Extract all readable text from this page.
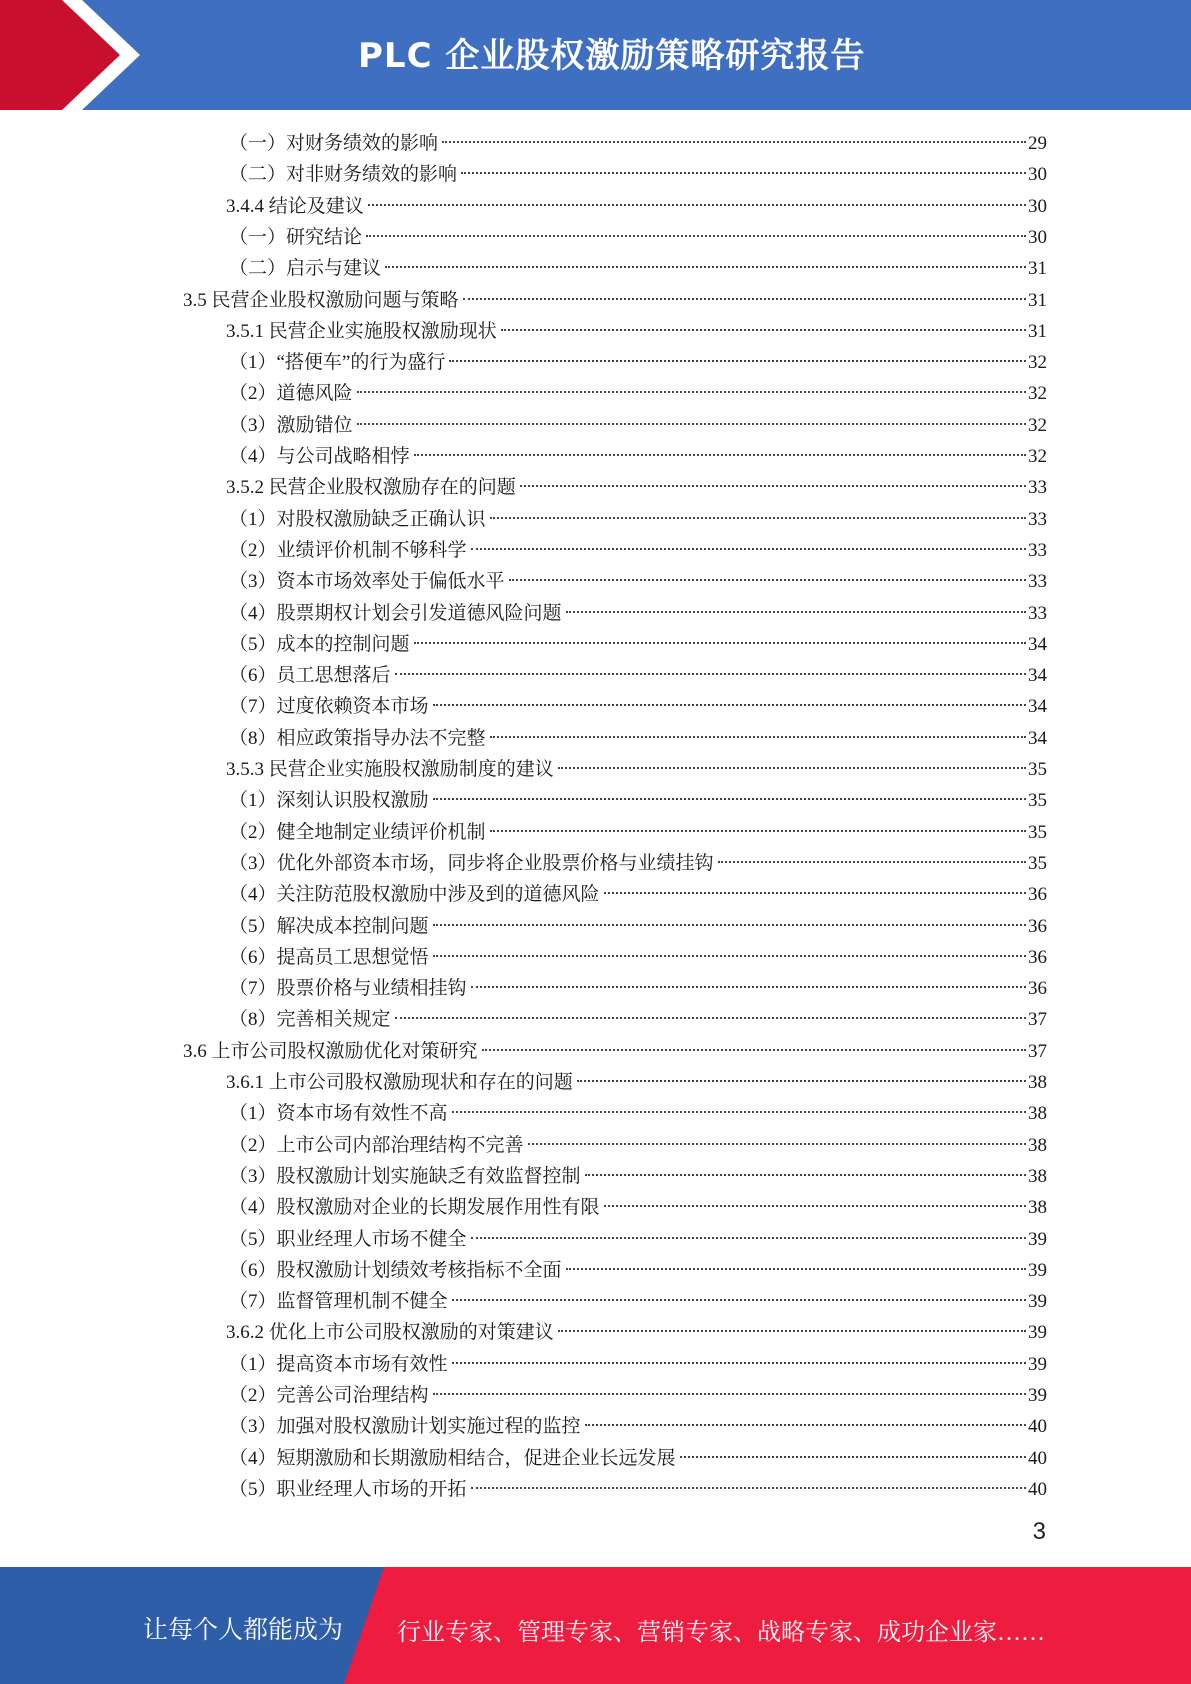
PLC 企业股权激励策略研究报告
（一）对财务绩效的影响	29
（二）对非财务绩效的影响	30
3.4.4 结论及建议	30
（一）研究结论	30
（二）启示与建议	31
3.5 民营企业股权激励问题与策略	31
3.5.1 民营企业实施股权激励现状	31
（1）“搭便车”的行为盛行	32
（2）道德风险	32
（3）激励错位	32
（4）与公司战略相悖	32
3.5.2 民营企业股权激励存在的问题	33
（1）对股权激励缺乏正确认识	33
（2）业绩评价机制不够科学	33
（3）资本市场效率处于偏低水平	33
（4）股票期权计划会引发道德风险问题	33
（5）成本的控制问题	34
（6）员工思想落后	34
（7）过度依赖资本市场	34
（8）相应政策指导办法不完整	34
3.5.3 民营企业实施股权激励制度的建议	35
（1）深刻认识股权激励	35
（2）健全地制定业绩评价机制	35
（3）优化外部资本市场，同步将企业股票价格与业绩挂钩	35
（4）关注防范股权激励中涉及到的道德风险	36
（5）解决成本控制问题	36
（6）提高员工思想觉悟	36
（7）股票价格与业绩相挂钩	36
（8）完善相关规定	37
3.6 上市公司股权激励优化对策研究	37
3.6.1 上市公司股权激励现状和存在的问题	38
（1）资本市场有效性不高	38
（2）上市公司内部治理结构不完善	38
（3）股权激励计划实施缺乏有效监督控制	38
（4）股权激励对企业的长期发展作用性有限	38
（5）职业经理人市场不健全	39
（6）股权激励计划绩效考核指标不全面	39
（7）监督管理机制不健全	39
3.6.2 优化上市公司股权激励的对策建议	39
（1）提高资本市场有效性	39
（2）完善公司治理结构	39
（3）加强对股权激励计划实施过程的监控	40
（4）短期激励和长期激励相结合，促进企业长远发展	40
（5）职业经理人市场的开拓	40
3
让每个人都能成为 行业专家、管理专家、营销专家、战略专家、成功企业家……
